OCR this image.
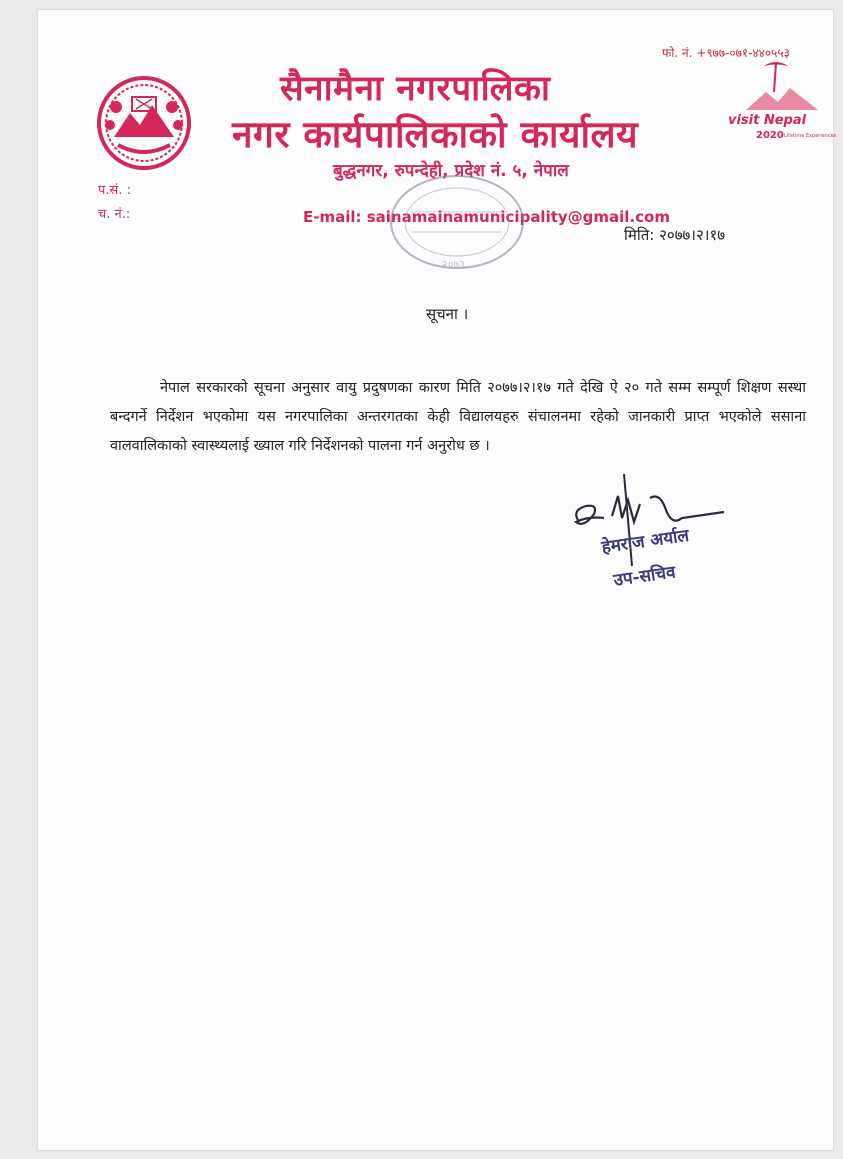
फो. नं. +९७७-०७१-४४०५५३
सैनामैना नगरपालिका
नगर कार्यपालिकाको कार्यालय
बुद्धनगर, रुपन्देही, प्रदेश नं. ५, नेपाल
E-mail: sainamainamunicipality@gmail.com
visit Nepal
2020 Lifetime Experiences
प.सं. :
च. नं.:
२०७३
मिति: २०७७।२।१७
सूचना ।
नेपाल सरकारको सूचना अनुसार वायु प्रदुषणका कारण मिति २०७७।२।१७ गते देखि ऐ २० गते सम्म सम्पूर्ण शिक्षण सस्था बन्दगर्ने निर्देशन भएकोमा यस नगरपालिका अन्तरगतका केही विद्यालयहरु संचालनमा रहेको जानकारी प्राप्त भएकोले ससाना वालवालिकाको स्वास्थ्यलाई ख्याल गरि निर्देशनको पालना गर्न अनुरोध छ ।
हेमराज अर्याल
उप-सचिव
